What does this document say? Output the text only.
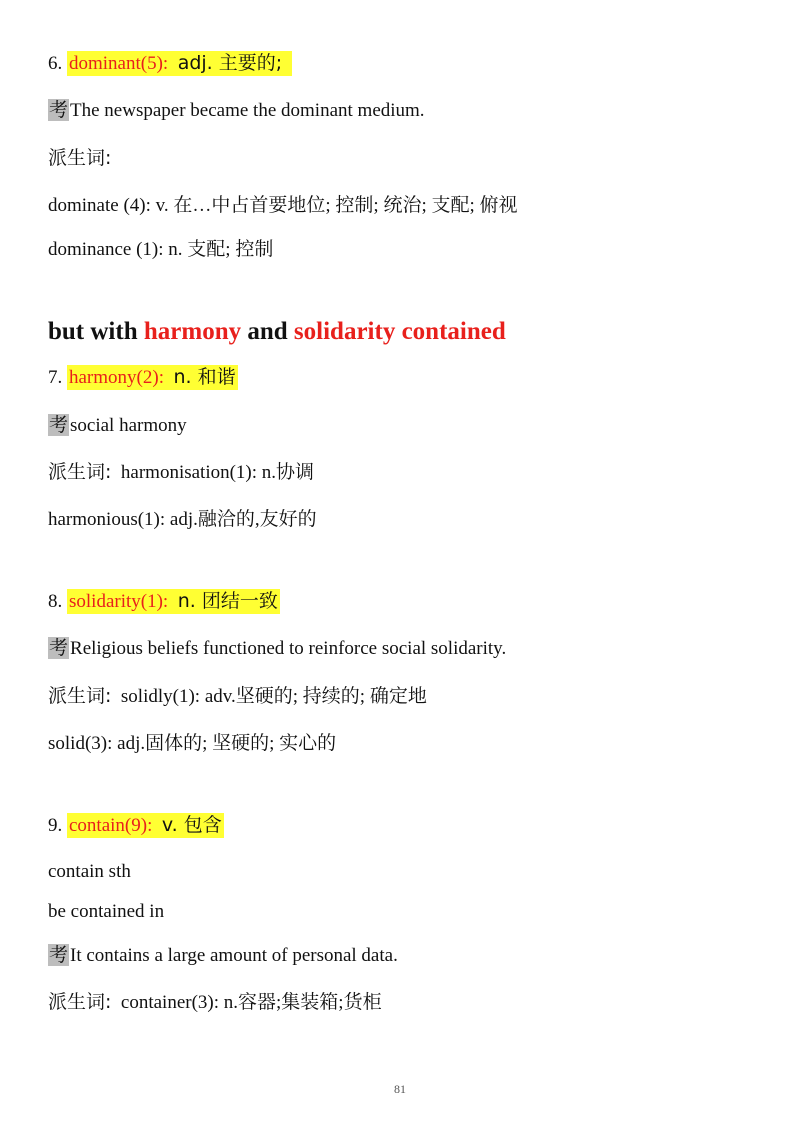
6. dominant(5): adj. 主要的;
考 The newspaper became the dominant medium.
派生词:
dominate (4): v. 在…中占首要地位; 控制; 统治; 支配; 俯视
dominance (1): n. 支配; 控制
but with harmony and solidarity contained
7. harmony(2): n. 和谐
考 social harmony
派生词: harmonisation(1): n.协调
harmonious(1): adj.融洽的,友好的
8. solidarity(1): n. 团结一致
考 Religious beliefs functioned to reinforce social solidarity.
派生词: solidly(1): adv.坚硬的; 持续的; 确定地
solid(3): adj.固体的; 坚硬的; 实心的
9. contain(9): v. 包含
contain sth
be contained in
考 It contains a large amount of personal data.
派生词: container(3): n.容器;集装箱;货柜
81
